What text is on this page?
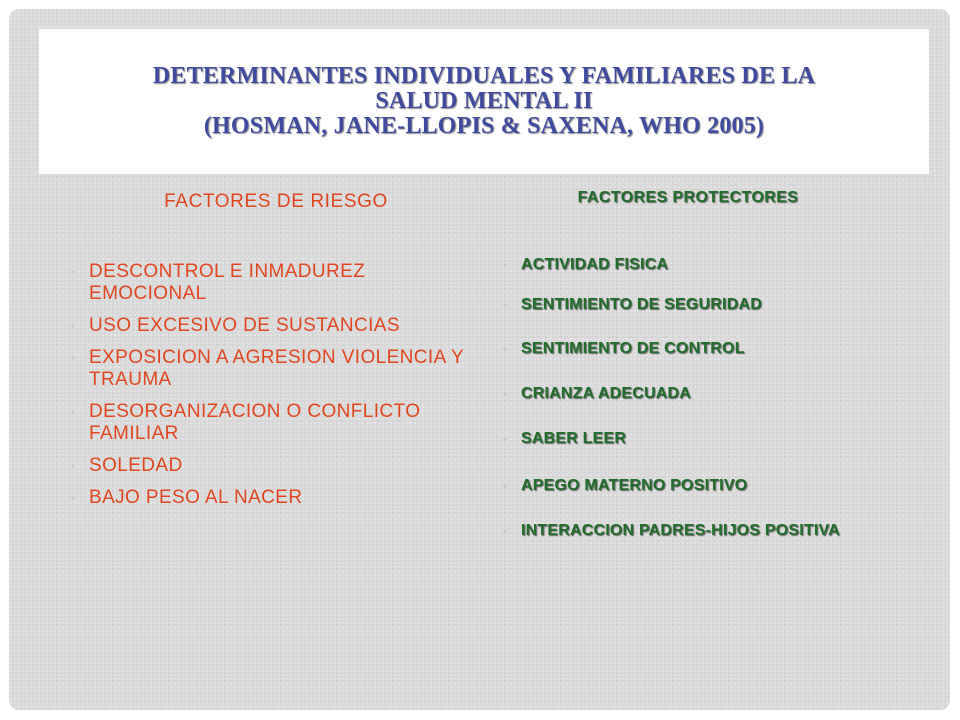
DETERMINANTES INDIVIDUALES Y FAMILIARES DE LA
SALUD MENTAL II
(HOSMAN, JANE-LLOPIS & SAXENA, WHO 2005)
FACTORES DE RIESGO
• DESCONTROL E INMADUREZ EMOCIONAL
• USO EXCESIVO DE SUSTANCIAS
• EXPOSICION A AGRESION VIOLENCIA Y TRAUMA
• DESORGANIZACION O CONFLICTO FAMILIAR
• SOLEDAD
• BAJO PESO AL NACER
FACTORES PROTECTORES
• ACTIVIDAD FISICA
• SENTIMIENTO DE SEGURIDAD
• SENTIMIENTO DE CONTROL
• CRIANZA ADECUADA
• SABER LEER
• APEGO MATERNO POSITIVO
• INTERACCION PADRES-HIJOS POSITIVA
